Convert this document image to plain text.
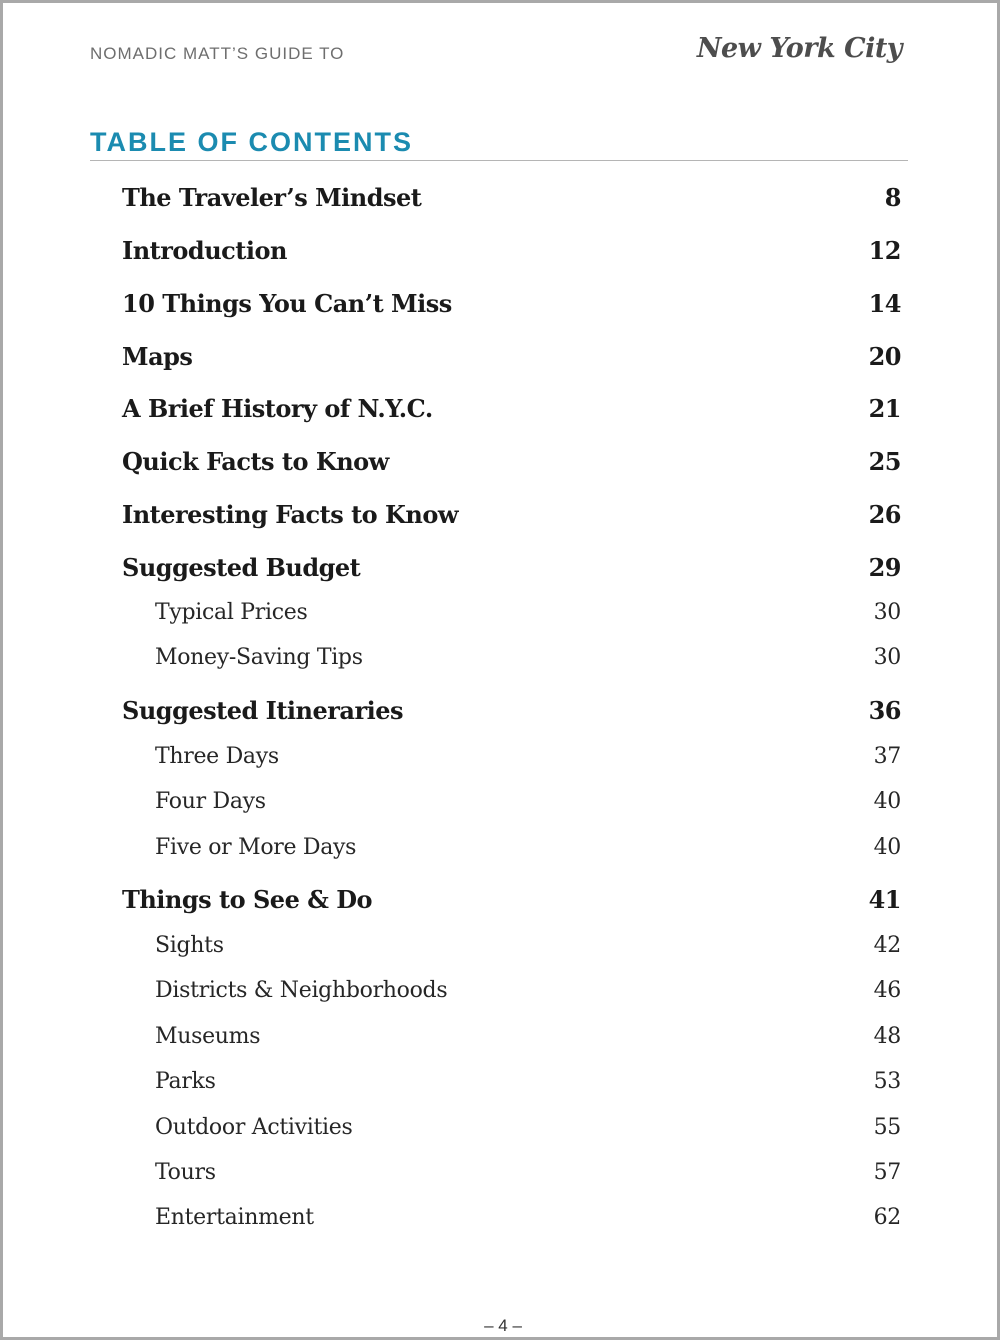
NOMADIC MATT’S GUIDE TO	New York City
TABLE OF CONTENTS
The Traveler’s Mindset	8
Introduction	12
10 Things You Can’t Miss	14
Maps	20
A Brief History of N.Y.C.	21
Quick Facts to Know	25
Interesting Facts to Know	26
Suggested Budget	29
Typical Prices	30
Money-Saving Tips	30
Suggested Itineraries	36
Three Days	37
Four Days	40
Five or More Days	40
Things to See & Do	41
Sights	42
Districts & Neighborhoods	46
Museums	48
Parks	53
Outdoor Activities	55
Tours	57
Entertainment	62
– 4 –
